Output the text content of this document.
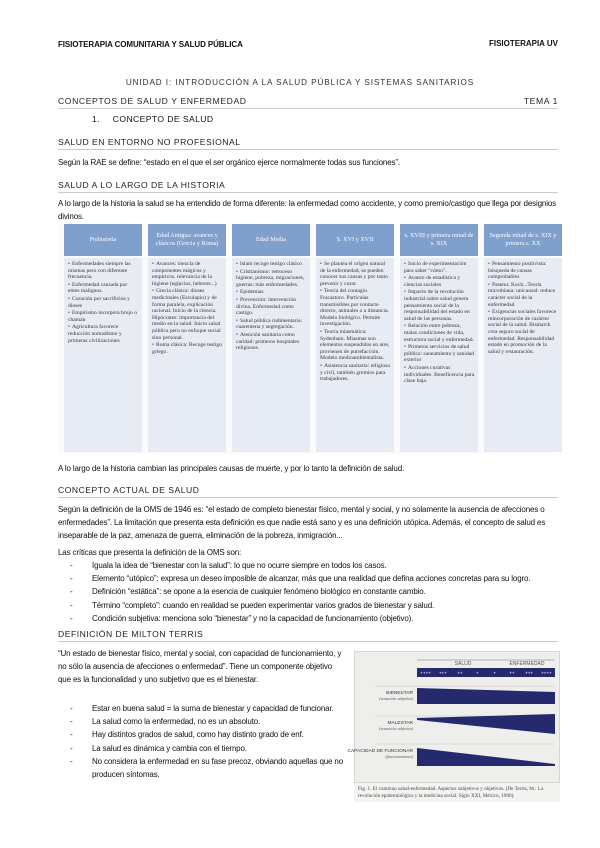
FISIOTERAPIA COMUNITARIA Y SALUD PÚBLICA	FISIOTERAPIA UV
UNIDAD I: INTRODUCCIÓN A LA SALUD PÚBLICA Y SISTEMAS SANITARIOS
CONCEPTOS DE SALUD Y ENFERMEDAD	TEMA 1
1. CONCEPTO DE SALUD
SALUD EN ENTORNO NO PROFESIONAL
Según la RAE se define: “estado en el que el ser orgánico ejerce normalmente todas sus funciones”.
SALUD A LO LARGO DE LA HISTORIA
A lo largo de la historia la salud se ha entendido de forma diferente: la enfermedad como accidente, y como premio/castigo que llega por designios divinos.
Prehistoria
• Enfermedades siempre las mismas pero con diferente frecuencia.
• Enfermedad causada por entes malignos.
• Curación por sacrificios y dioses
• Empirismo incorpora brujo o chamán
• Agricultura favorece reducción nomadismo y primeras civilizaciones
Edad Antigua: avances y clásicos (Grecia y Roma)
• Avances: mezcla de componentes mágicos y empíricos. relevancia de la higiene (egipcios, hebreos...)
• Grecia clásica: dioses medicinales (Esculapio) y de forma paralela, explicación racional. Inicio de la ciencia. Hipócrates: importancia del medio en la salud. Inicio salud pública pero no enfoque social sino personal.
• Roma clásica: Recoge testigo griego.
Edad Media
• Islam recoge testigo clásico
• Cristianismo: retroceso higiene, pobreza, migraciones, guerras: más enfermedades.
• Epidemias
• Prevención: intervención divina. Enfermedad como castigo.
• Salud pública rudimentaria: cuarentena y segregación.
• Atención sanitaria como caridad: primeros hospitales religiosos.
S. XVI y XVII
• Se plantea el origen natural de la enfermedad, se pueden conocer sus causas y por tanto prevenir y curar.
• Teoría del contagio. Fracastoro. Partículas transmisibles por contacto directo, animales o a distancia. Modelo biológico. Permite investigación.
• Teoría miasmática: Sydenham. Miasmas son elementos suspendidos en aire, provienen de putrefacción. Modelo medioambientalista.
• Asistencia sanitaria: religiosa y civil, también gremios para trabajadores.
s. XVIII y primera mitad de s. XIX
• Inicio de experimentación para saber "cómo".
• Avance de estadística y ciencias sociales
• Impacto de la revolución industrial sobre salud genera pensamiento social de la responsabilidad del estado en salud de las personas.
• Relación entre pobreza, malas condiciones de vida, estructura social y enfermedad.
• Primeros servicios de salud pública: saneamiento y sanidad exterior
• Acciones curativas individuales. Beneficencia para clase baja.
Segunda mitad de s. XIX y primera s. XX
• Pensamiento positivista: búsqueda de causas comprobables
• Pasteur, Koch...Teoría microbiana: unicausal: reduce carácter social de la enfermedad
• Exigencias sociales favorece reincorporación de carácter social de la salud. Bismarck crea seguro social de enfermedad. Responsabilidad estado en promoción de la salud y restauración.
A lo largo de la historia cambian las principales causas de muerte, y por lo tanto la definición de salud.
CONCEPTO ACTUAL DE SALUD
Según la definición de la OMS de 1946 es: “el estado de completo bienestar físico, mental y social, y no solamente la ausencia de afecciones o enfermedades”. La limitación que presenta esta definición es que nadie está sano y es una definición utópica. Además, el concepto de salud es inseparable de la paz, amenaza de guerra, eliminación de la pobreza, inmigración...
Las críticas que presenta la definición de la OMS son:
-	Iguala la idea de “bienestar con la salud”: lo que no ocurre siempre en todos los casos.
-	Elemento “utópico”: expresa un deseo imposible de alcanzar, más que una realidad que defina acciones concretas para su logro.
-	Definición “estática”: se opone a la esencia de cualquier fenómeno biológico en constante cambio.
-	Término “completo”: cuando en realidad se pueden experimentar varios grados de bienestar y salud.
-	Condición subjetiva: menciona solo “bienestar” y no la capacidad de funcionamiento (objetivo).
DEFINICIÓN DE MILTON TERRIS
“Un estado de bienestar físico, mental y social, con capacidad de funcionamiento, y no sólo la ausencia de afecciones o enfermedad”. Tiene un componente objetivo que es la funcionalidad y uno subjetivo que es el bienestar.
-	Estar en buena salud = la suma de bienestar y capacidad de funcionar.
-	La salud como la enfermedad, no es un absoluto.
-	Hay distintos grados de salud, como hay distinto grado de enf.
-	La salud es dinámica y cambia con el tiempo.
-	No considera la enfermedad en su fase precoz, obviando aquellas que no producen síntomas.
SALUD	ENFERMEDAD
++++ +++ ++	+	+	++ +++ ++++
BIENESTAR
(sensación subjetiva)
MALESTAR
(sensación subjetiva)
CAPACIDAD DE FUNCIONAR
(funcionamiento)
Fig. 1. El continuo salud-enfermedad. Aspectos subjetivos y objetivos. (De Terris, M.: La revolución epidemiológica y la medicina social. Siglo XXI, México, 1980).
